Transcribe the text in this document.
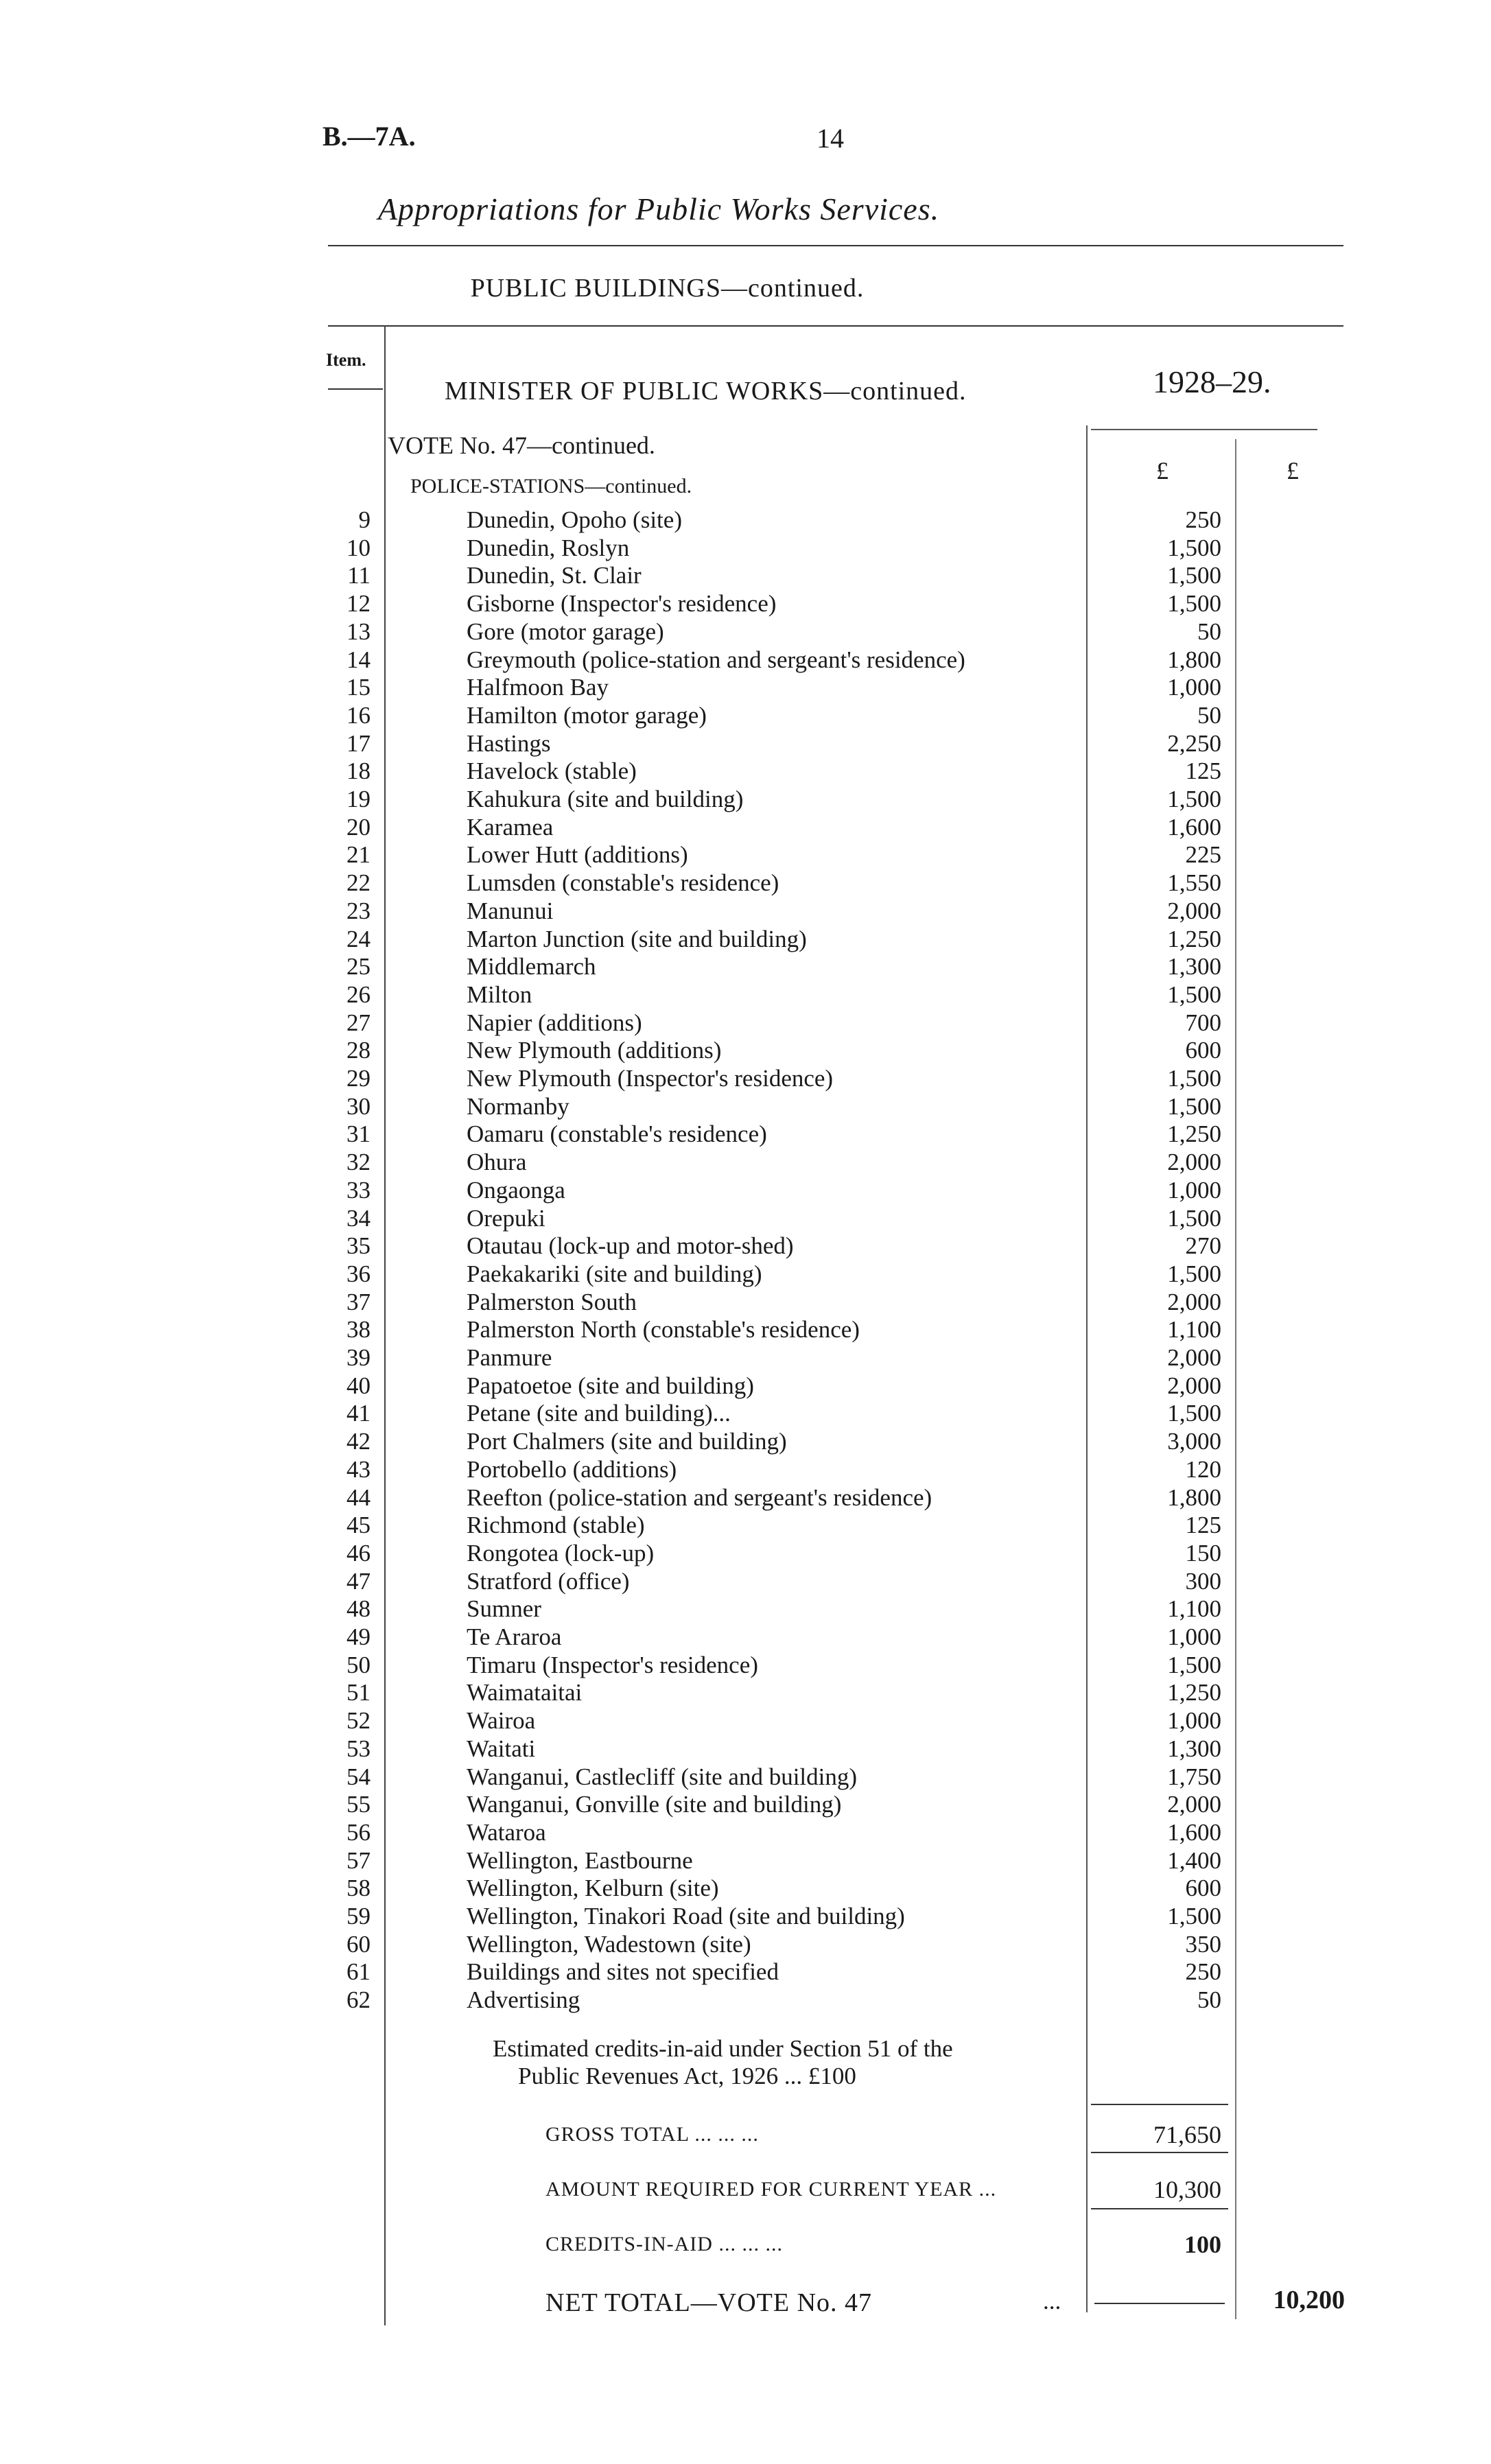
B.—7A.	14
Appropriations for Public Works Services.
PUBLIC BUILDINGS—continued.
Item.
MINISTER OF PUBLIC WORKS—continued.	1928–29.
VOTE No. 47—continued.
£	£
POLICE-STATIONS—continued.
9	Dunedin, Opoho (site)	250
10	Dunedin, Roslyn	1,500
11	Dunedin, St. Clair	1,500
12	Gisborne (Inspector's residence)	1,500
13	Gore (motor garage)	50
14	Greymouth (police-station and sergeant's residence)	1,800
15	Halfmoon Bay	1,000
16	Hamilton (motor garage)	50
17	Hastings	2,250
18	Havelock (stable)	125
19	Kahukura (site and building)	1,500
20	Karamea	1,600
21	Lower Hutt (additions)	225
22	Lumsden (constable's residence)	1,550
23	Manunui	2,000
24	Marton Junction (site and building)	1,250
25	Middlemarch	1,300
26	Milton	1,500
27	Napier (additions)	700
28	New Plymouth (additions)	600
29	New Plymouth (Inspector's residence)	1,500
30	Normanby	1,500
31	Oamaru (constable's residence)	1,250
32	Ohura	2,000
33	Ongaonga	1,000
34	Orepuki	1,500
35	Otautau (lock-up and motor-shed)	270
36	Paekakariki (site and building)	1,500
37	Palmerston South	2,000
38	Palmerston North (constable's residence)	1,100
39	Panmure	2,000
40	Papatoetoe (site and building)	2,000
41	Petane (site and building)...	1,500
42	Port Chalmers (site and building)	3,000
43	Portobello (additions)	120
44	Reefton (police-station and sergeant's residence)	1,800
45	Richmond (stable)	125
46	Rongotea (lock-up)	150
47	Stratford (office)	300
48	Sumner	1,100
49	Te Araroa	1,000
50	Timaru (Inspector's residence)	1,500
51	Waimataitai	1,250
52	Wairoa	1,000
53	Waitati	1,300
54	Wanganui, Castlecliff (site and building)	1,750
55	Wanganui, Gonville (site and building)	2,000
56	Wataroa	1,600
57	Wellington, Eastbourne	1,400
58	Wellington, Kelburn (site)	600
59	Wellington, Tinakori Road (site and building)	1,500
60	Wellington, Wadestown (site)	350
61	Buildings and sites not specified	250
62	Advertising	50
Estimated credits-in-aid under Section 51 of the
Public Revenues Act, 1926 ... £100
GROSS TOTAL ... ... ...	71,650
AMOUNT REQUIRED FOR CURRENT YEAR ...	10,300
CREDITS-IN-AID ... ... ...	100
NET TOTAL—VOTE No. 47	...	10,200
